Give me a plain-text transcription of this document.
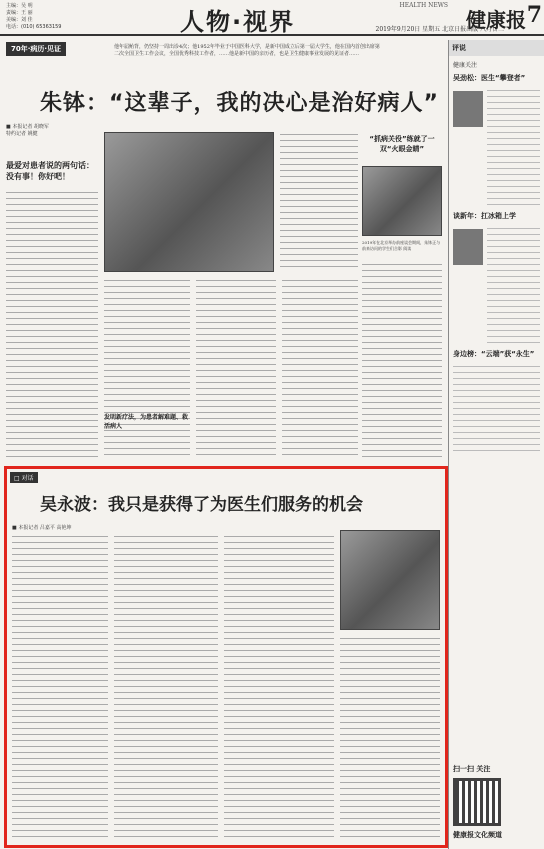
主编：吴 明
责编：王 丽
美编：刘 佳
电话：(010) 65363159	人物·视界
HEALTH NEWS
健康报 7
2019年9月20日 星期五 北京日报出版 八月廿二
70年·病历·见证	他年届鲐背，仍坚持一周出诊4次；他1952年毕业于中国医科大学，是新中国成立后第一届大学生，他在国内首创出席第二次全国卫生工作会议，全国优秀科技工作者，……他是新中国的亲历者，也是卫生健康事业发展的见证者……
朱钵：“这辈子，我的决心是治好病人”
■ 本报记者 胡晓军
特约记者 姚健
最爱对患者说的两句话：没有事！你好吧！
“抓病关役”练就了一双“火眼金睛”
2019年在北京举办前座谈会期间，朱钵正与前来访问的学生们合影 阅读
发明新疗法，为患者解难题、救活病人
评说
健康关注
吴劲松：医生“攀登者”
谈新年：扛冰箱上学
身边榜：“云端”获“永生”
扫一扫 关注
健康报文化频道
□ 对话
吴永波：我只是获得了为医生们服务的机会
■ 本报记者 吕嘉平 高艳坤
